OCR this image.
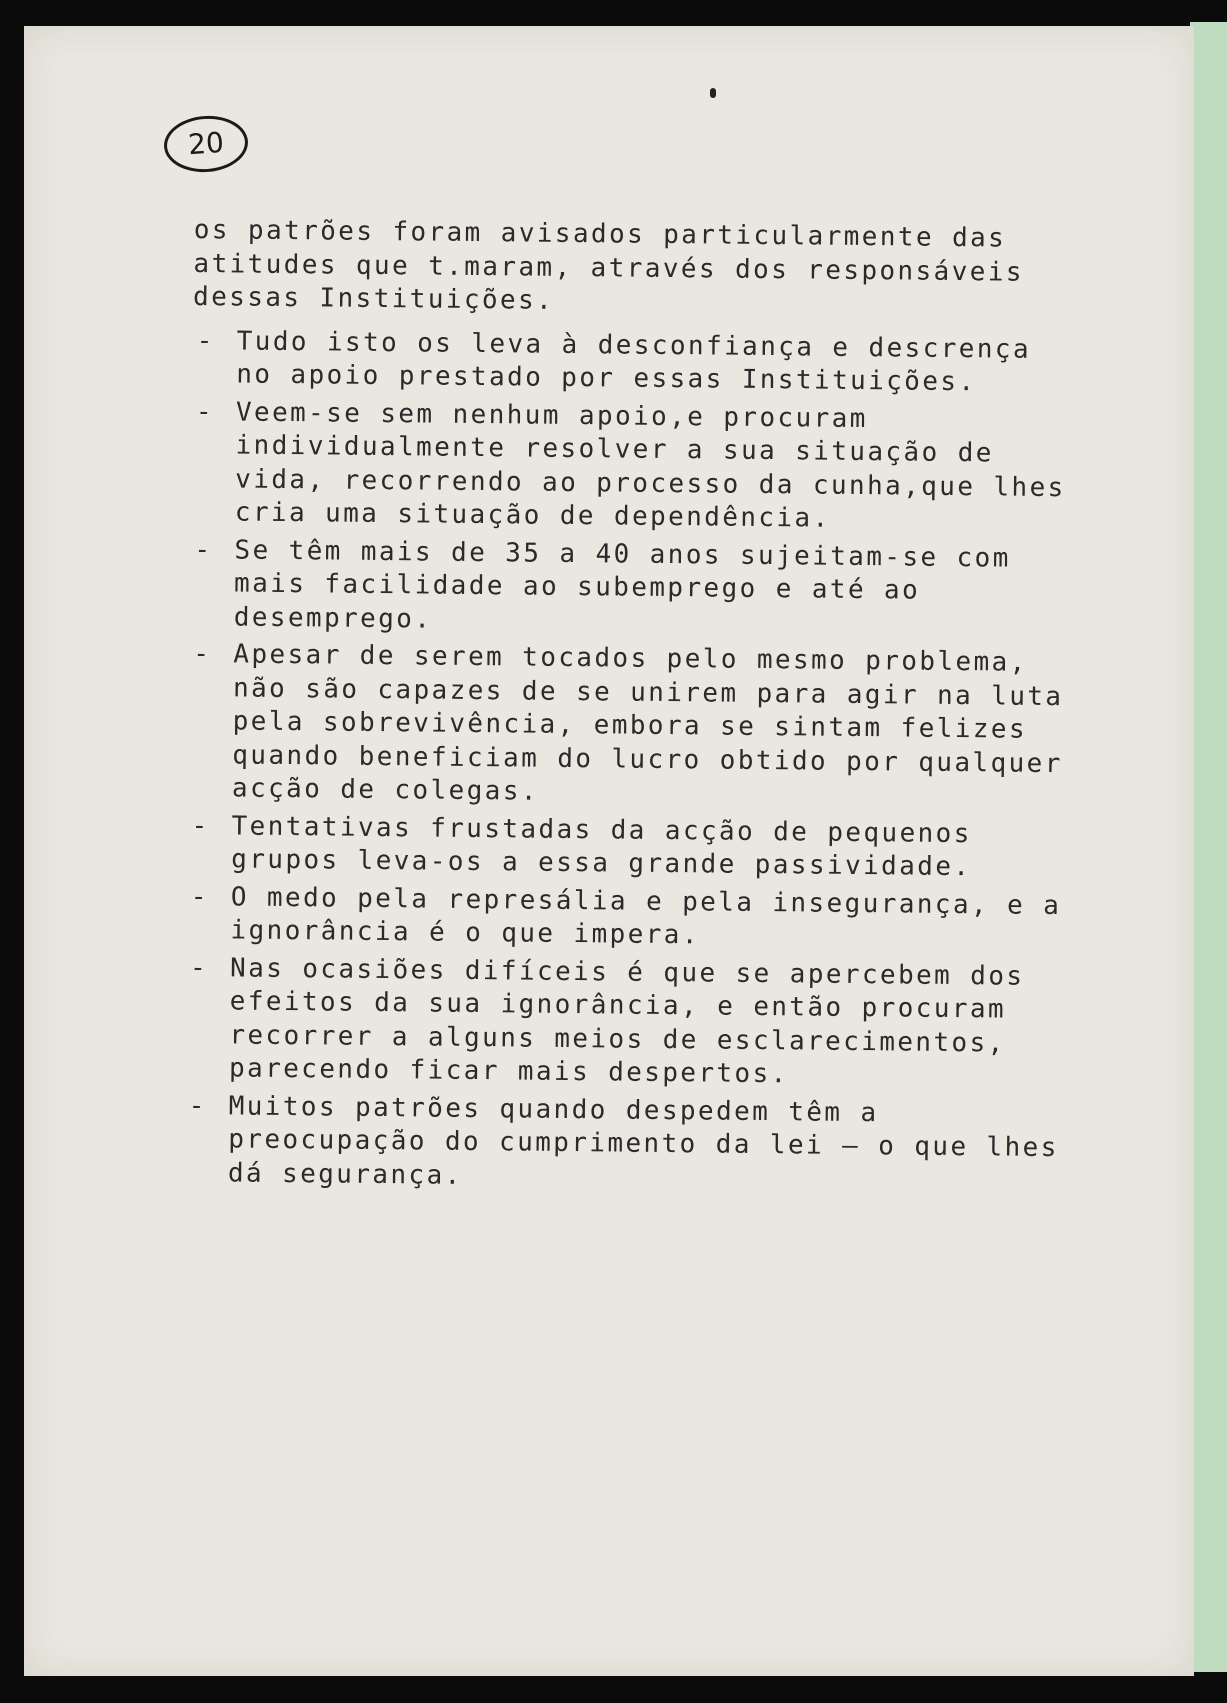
20

os patrões foram avisados particularmente das atitudes que t.maram, através dos responsáveis dessas Instituições.

- Tudo isto os leva à desconfiança e descrença no apoio prestado por essas Instituições.
- Veem-se sem nenhum apoio,e procuram individualmente resolver a sua situação de vida, recorrendo ao processo da cunha,que lhes cria uma situação de dependência.
- Se têm mais de 35 a 40 anos sujeitam-se com mais facilidade ao subemprego e até ao desemprego.
- Apesar de serem tocados pelo mesmo problema, não são capazes de se unirem para agir na luta pela sobrevivência, embora se sintam felizes quando beneficiam do lucro obtido por qualquer acção de colegas.
- Tentativas frustadas da acção de pequenos grupos leva-os a essa grande passividade.
- O medo pela represália e pela insegurança, e a ignorância é o que impera.
- Nas ocasiões difíceis é que se apercebem dos efeitos da sua ignorância, e então procuram recorrer a alguns meios de esclarecimentos, parecendo ficar mais despertos.
- Muitos patrões quando despedem têm a preocupação do cumprimento da lei — o que lhes dá segurança.
